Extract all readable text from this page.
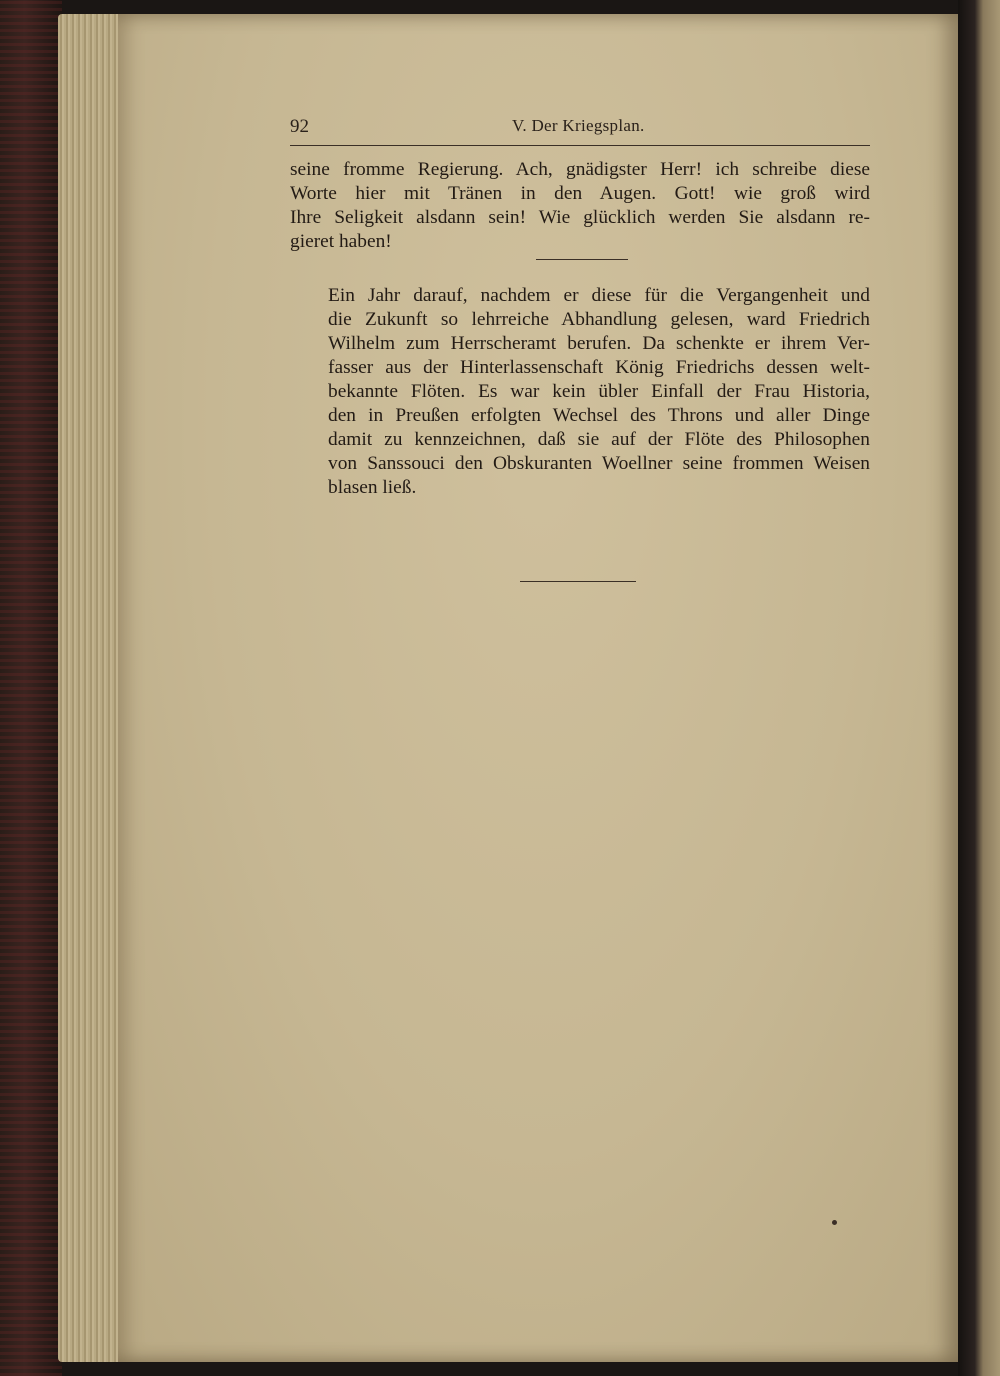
92	V. Der Kriegsplan.
seine fromme Regierung. Ach, gnädigster Herr! ich schreibe diese
Worte hier mit Tränen in den Augen. Gott! wie groß wird
Ihre Seligkeit alsdann sein! Wie glücklich werden Sie alsdann re-
gieret haben!
Ein Jahr darauf, nachdem er diese für die Vergangenheit und
die Zukunft so lehrreiche Abhandlung gelesen, ward Friedrich
Wilhelm zum Herrscheramt berufen. Da schenkte er ihrem Ver-
fasser aus der Hinterlassenschaft König Friedrichs dessen welt-
bekannte Flöten. Es war kein übler Einfall der Frau Historia,
den in Preußen erfolgten Wechsel des Throns und aller Dinge
damit zu kennzeichnen, daß sie auf der Flöte des Philosophen
von Sanssouci den Obskuranten Woellner seine frommen Weisen
blasen ließ.
